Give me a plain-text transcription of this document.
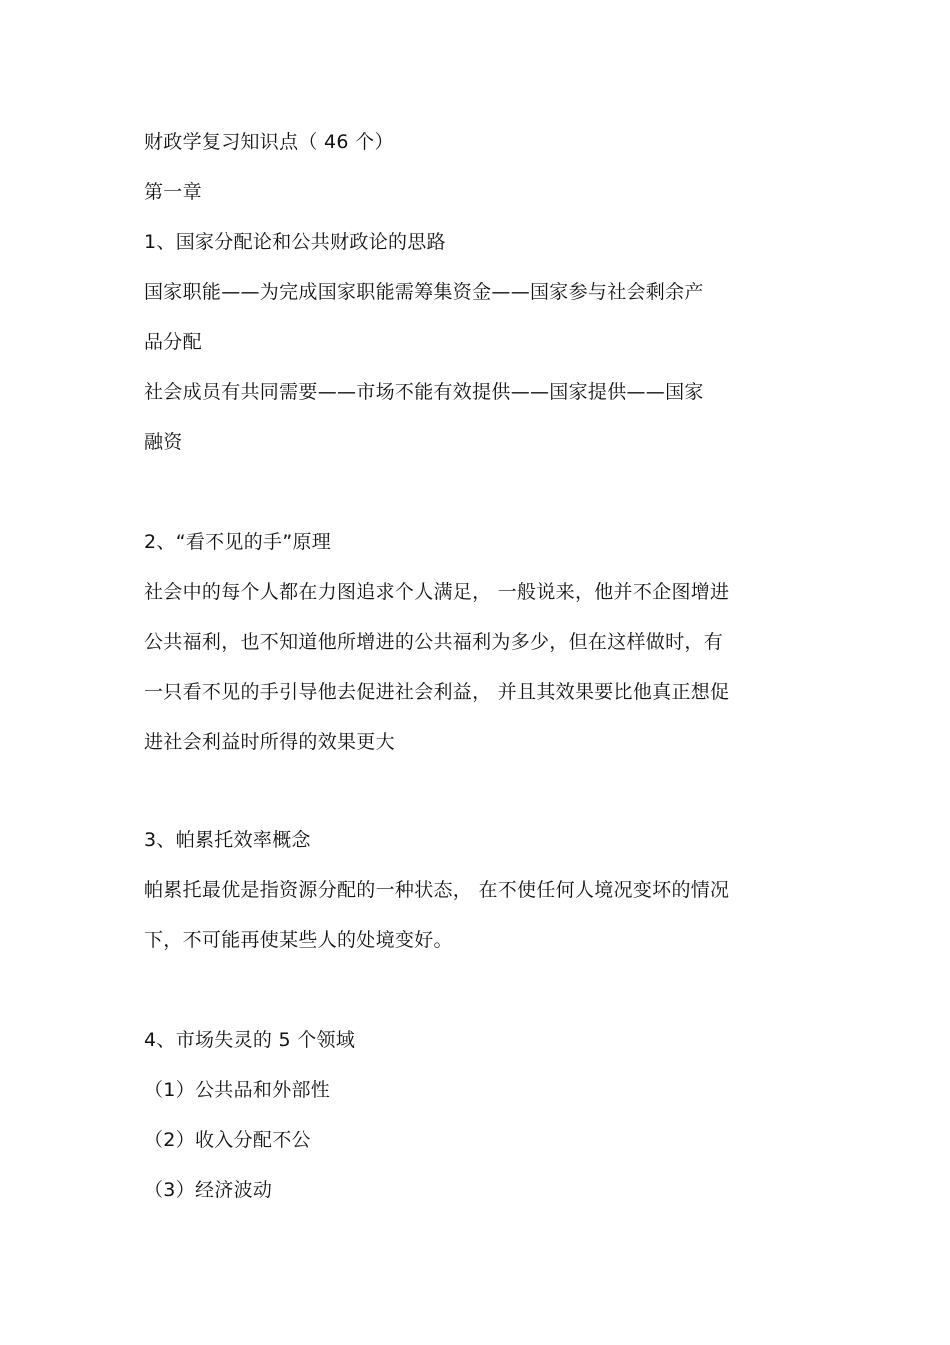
财政学复习知识点（ 46 个）
第一章
1、国家分配论和公共财政论的思路
国家职能——为完成国家职能需筹集资金——国家参与社会剩余产
品分配
社会成员有共同需要——市场不能有效提供——国家提供——国家
融资
2、“看不见的手”原理
社会中的每个人都在力图追求个人满足， 一般说来，他并不企图增进
公共福利，也不知道他所增进的公共福利为多少，但在这样做时，有
一只看不见的手引导他去促进社会利益， 并且其效果要比他真正想促
进社会利益时所得的效果更大
3、帕累托效率概念
帕累托最优是指资源分配的一种状态， 在不使任何人境况变坏的情况
下，不可能再使某些人的处境变好。
4、市场失灵的 5 个领域
（1）公共品和外部性
（2）收入分配不公
（3）经济波动
